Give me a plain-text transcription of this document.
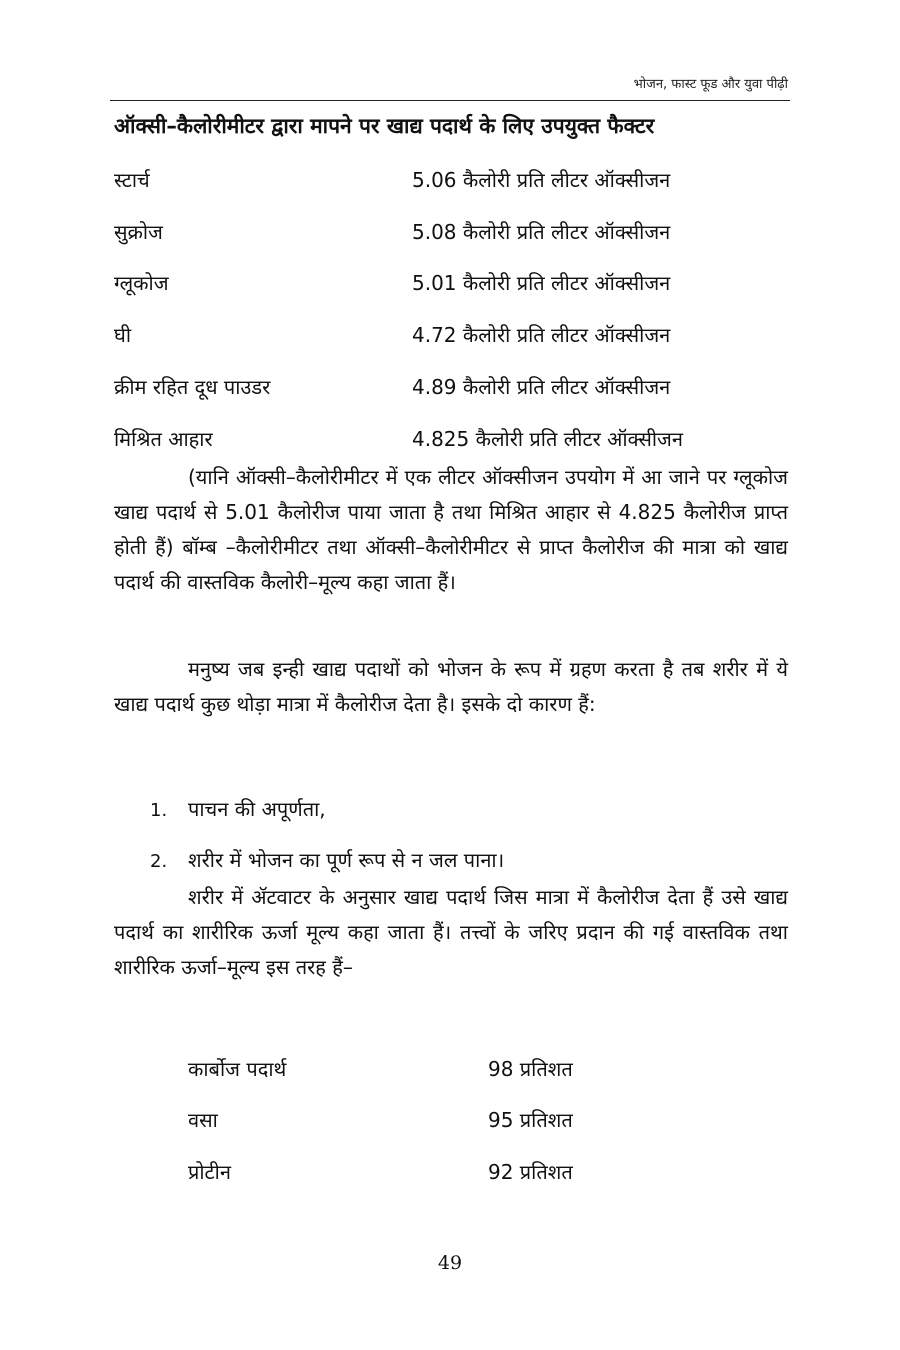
भोजन, फास्ट फूड और युवा पीढ़ी
ऑक्सी–कैलोरीमीटर द्वारा मापने पर खाद्य पदार्थ के लिए उपयुक्त फैक्टर
स्टार्च	5.06 कैलोरी प्रति लीटर ऑक्सीजन
सुक्रोज	5.08 कैलोरी प्रति लीटर ऑक्सीजन
ग्लूकोज	5.01 कैलोरी प्रति लीटर ऑक्सीजन
घी	4.72 कैलोरी प्रति लीटर ऑक्सीजन
क्रीम रहित दूध पाउडर	4.89 कैलोरी प्रति लीटर ऑक्सीजन
मिश्रित आहार	4.825 कैलोरी प्रति लीटर ऑक्सीजन

(यानि ऑक्सी–कैलोरीमीटर में एक लीटर ऑक्सीजन उपयोग में आ जाने पर ग्लूकोज खाद्य पदार्थ से 5.01 कैलोरीज पाया जाता है तथा मिश्रित आहार से 4.825 कैलोरीज प्राप्त होती हैं) बॉम्ब –कैलोरीमीटर तथा ऑक्सी–कैलोरीमीटर से प्राप्त कैलोरीज की मात्रा को खाद्य पदार्थ की वास्तविक कैलोरी–मूल्य कहा जाता हैं।

मनुष्य जब इन्ही खाद्य पदाथों को भोजन के रूप में ग्रहण करता है तब शरीर में ये खाद्य पदार्थ कुछ थोड़ा मात्रा में कैलोरीज देता है। इसके दो कारण हैं:

1. पाचन की अपूर्णता,
2. शरीर में भोजन का पूर्ण रूप से न जल पाना।

शरीर में ॲटवाटर के अनुसार खाद्य पदार्थ जिस मात्रा में कैलोरीज देता हैं उसे खाद्य पदार्थ का शारीरिक ऊर्जा मूल्य कहा जाता हैं। तत्त्वों के जरिए प्रदान की गई वास्तविक तथा शारीरिक ऊर्जा–मूल्य इस तरह हैं–

कार्बोज पदार्थ	98 प्रतिशत
वसा	95 प्रतिशत
प्रोटीन	92 प्रतिशत
49
